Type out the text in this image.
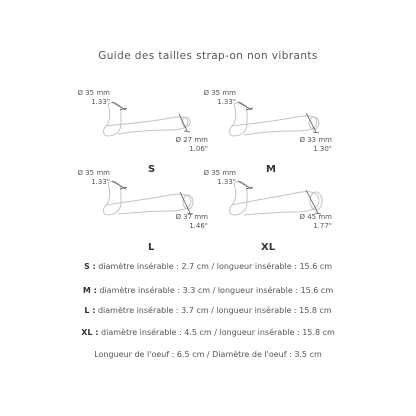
Guide des tailles strap-on non vibrants
Ø 35 mm
1.33"
Ø 27 mm
1.06"
S
Ø 35 mm
1.33"
Ø 33 mm
1.30"
M
Ø 35 mm
1.33"
Ø 37 mm
1.46"
L
Ø 35 mm
1.33"
Ø 45 mm
1.77"
XL
S : diamètre insérable : 2.7 cm / longueur insérable : 15.6 cm
M : diamètre insérable : 3.3 cm / longueur insérable : 15.6 cm
L : diamètre insérable : 3.7 cm / longueur insérable : 15.8 cm
XL : diamètre insérable : 4.5 cm / longueur insérable : 15.8 cm
Longueur de l'oeuf : 6.5 cm / Diamètre de l'oeuf : 3.5 cm
